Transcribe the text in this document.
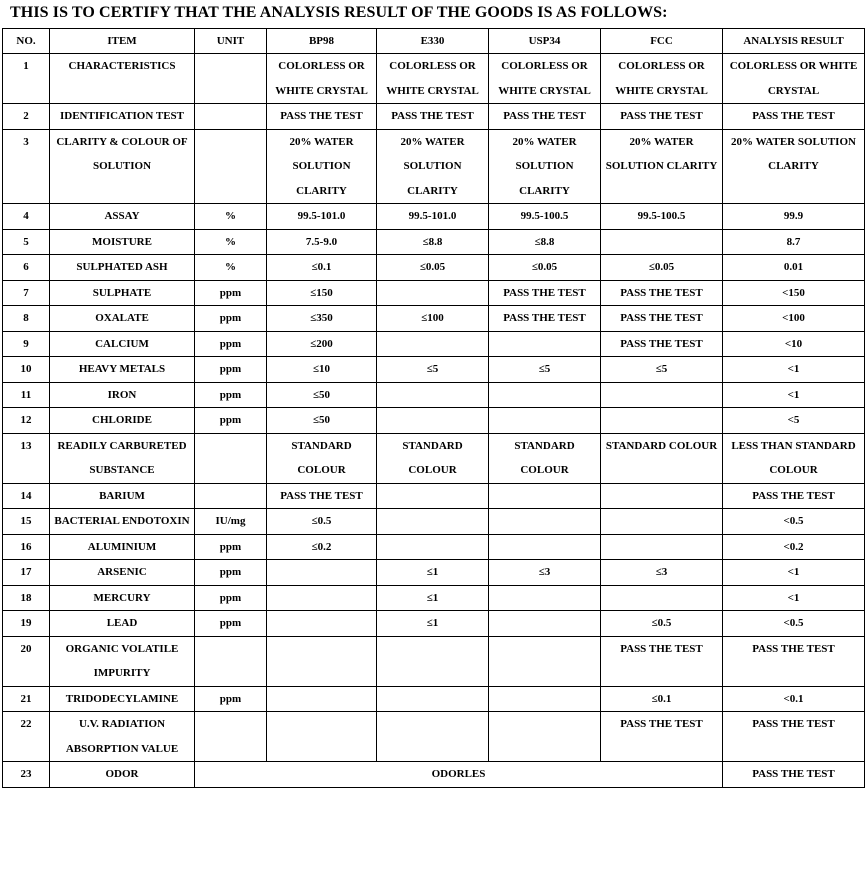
THIS IS TO CERTIFY THAT THE ANALYSIS RESULT OF THE GOODS IS AS FOLLOWS:
NO.	ITEM	UNIT	BP98	E330	USP34	FCC	ANALYSIS RESULT
1	CHARACTERISTICS		COLORLESS OR WHITE CRYSTAL	COLORLESS OR WHITE CRYSTAL	COLORLESS OR WHITE CRYSTAL	COLORLESS OR WHITE CRYSTAL	COLORLESS OR WHITE CRYSTAL
2	IDENTIFICATION TEST		PASS THE TEST	PASS THE TEST	PASS THE TEST	PASS THE TEST	PASS THE TEST
3	CLARITY & COLOUR OF SOLUTION		20% WATER SOLUTION CLARITY	20% WATER SOLUTION CLARITY	20% WATER SOLUTION CLARITY	20% WATER SOLUTION CLARITY	20% WATER SOLUTION CLARITY
4	ASSAY	%	99.5-101.0	99.5-101.0	99.5-100.5	99.5-100.5	99.9
5	MOISTURE	%	7.5-9.0	≤8.8	≤8.8		8.7
6	SULPHATED ASH	%	≤0.1	≤0.05	≤0.05	≤0.05	0.01
7	SULPHATE	ppm	≤150		PASS THE TEST	PASS THE TEST	<150
8	OXALATE	ppm	≤350	≤100	PASS THE TEST	PASS THE TEST	<100
9	CALCIUM	ppm	≤200			PASS THE TEST	<10
10	HEAVY METALS	ppm	≤10	≤5	≤5	≤5	<1
11	IRON	ppm	≤50				<1
12	CHLORIDE	ppm	≤50				<5
13	READILY CARBURETED SUBSTANCE		STANDARD COLOUR	STANDARD COLOUR	STANDARD COLOUR	STANDARD COLOUR	LESS THAN STANDARD COLOUR
14	BARIUM		PASS THE TEST				PASS THE TEST
15	BACTERIAL ENDOTOXIN	IU/mg	≤0.5				<0.5
16	ALUMINIUM	ppm	≤0.2				<0.2
17	ARSENIC	ppm		≤1	≤3	≤3	<1
18	MERCURY	ppm		≤1			<1
19	LEAD	ppm		≤1		≤0.5	<0.5
20	ORGANIC VOLATILE IMPURITY					PASS THE TEST	PASS THE TEST
21	TRIDODECYLAMINE	ppm				≤0.1	<0.1
22	U.V. RADIATION ABSORPTION VALUE					PASS THE TEST	PASS THE TEST
23	ODOR	ODORLES					PASS THE TEST
